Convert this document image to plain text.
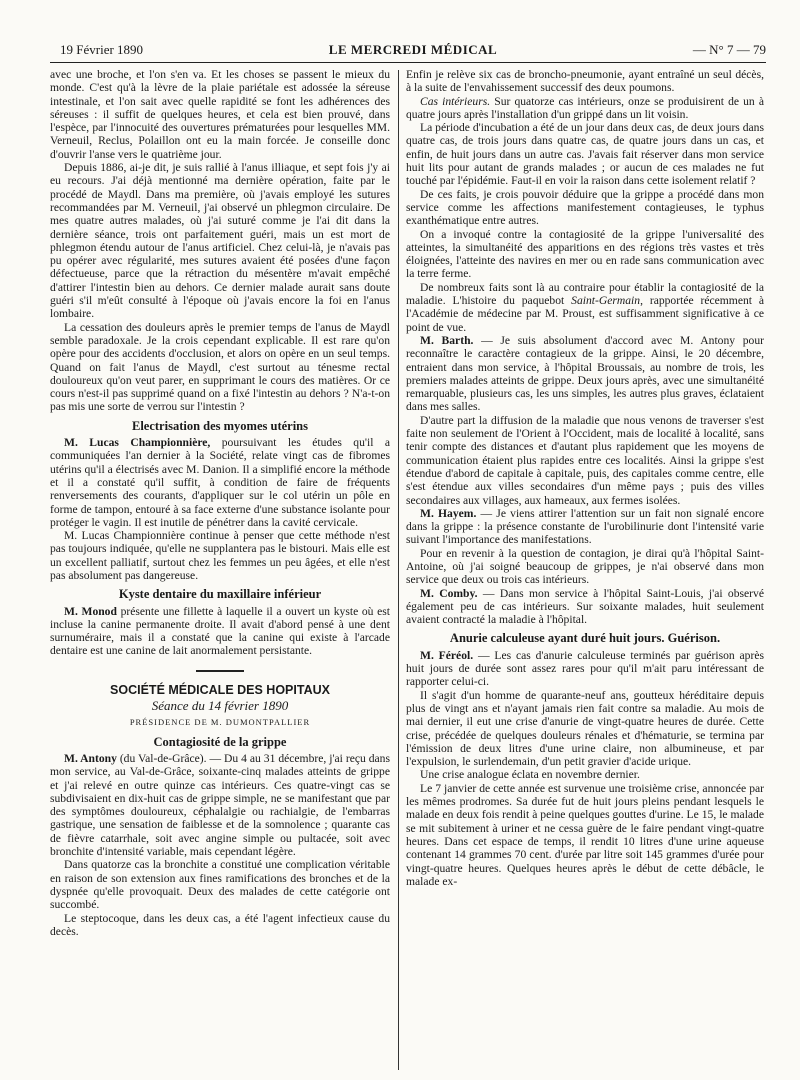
19 Février 1890	LE MERCREDI MÉDICAL	— N° 7 — 79

avec une broche, et l'on s'en va. Et les choses se passent le mieux du monde. C'est qu'à la lèvre de la plaie pariétale est adossée la séreuse intestinale, et l'on sait avec quelle rapidité se font les adhérences des séreuses : il suffit de quelques heures, et cela est bien prouvé, dans l'espèce, par l'innocuité des ouvertures prématurées pour lesquelles MM. Verneuil, Reclus, Polaillon ont eu la main forcée. Je conseille donc d'ouvrir l'anse vers le quatrième jour.

Depuis 1886, ai-je dit, je suis rallié à l'anus illiaque, et sept fois j'y ai eu recours. J'ai déjà mentionné ma dernière opération, faite par le procédé de Maydl. Dans ma première, où j'avais employé les sutures recommandées par M. Verneuil, j'ai observé un phlegmon circulaire. De mes quatre autres malades, où j'ai suturé comme je l'ai dit dans la dernière séance, trois ont parfaitement guéri, mais un est mort de phlegmon étendu autour de l'anus artificiel. Chez celui-là, je n'avais pas pu opérer avec régularité, mes sutures avaient été posées d'une façon défectueuse, parce que la rétraction du mésentère m'avait empêché d'attirer l'intestin bien au dehors. Ce dernier malade aurait sans doute guéri s'il m'eût consulté à l'époque où j'avais encore la foi en l'anus lombaire.

La cessation des douleurs après le premier temps de l'anus de Maydl semble paradoxale. Je la crois cependant explicable. Il est rare qu'on opère pour des accidents d'occlusion, et alors on opère en un seul temps. Quand on fait l'anus de Maydl, c'est surtout au ténesme rectal douloureux qu'on veut parer, en supprimant le cours des matières. Or ce cours n'est-il pas supprimé quand on a fixé l'intestin au dehors ? N'a-t-on pas mis une sorte de verrou sur l'intestin ?

Electrisation des myomes utérins

M. Lucas Championnière, poursuivant les études qu'il a communiquées l'an dernier à la Société, relate vingt cas de fibromes utérins qu'il a électrisés avec M. Danion. Il a simplifié encore la méthode et il a constaté qu'il suffit, à condition de faire de fréquents renversements des courants, d'appliquer sur le col utérin un pôle en forme de tampon, entouré à sa face externe d'une substance isolante pour protéger le vagin. Il est inutile de pénétrer dans la cavité cervicale.

M. Lucas Championnière continue à penser que cette méthode n'est pas toujours indiquée, qu'elle ne supplantera pas le bistouri. Mais elle est un excellent palliatif, surtout chez les femmes un peu âgées, et elle n'est pas absolument pas dangereuse.

Kyste dentaire du maxillaire inférieur

M. Monod présente une fillette à laquelle il a ouvert un kyste où est incluse la canine permanente droite. Il avait d'abord pensé à une dent surnuméraire, mais il a constaté que la canine qui existe à l'arcade dentaire est une canine de lait anormalement persistante.

SOCIÉTÉ MÉDICALE DES HOPITAUX
Séance du 14 février 1890
PRÉSIDENCE DE M. DUMONTPALLIER
Contagiosité de la grippe

M. Antony (du Val-de-Grâce). — Du 4 au 31 décembre, j'ai reçu dans mon service, au Val-de-Grâce, soixante-cinq malades atteints de grippe et j'ai relevé en outre quinze cas intérieurs. Ces quatre-vingt cas se subdivisaient en dix-huit cas de grippe simple, ne se manifestant que par des symptômes douloureux, céphalalgie ou rachialgie, de l'embarras gastrique, une sensation de faiblesse et de la somnolence ; quarante cas de fièvre catarrhale, soit avec angine simple ou pultacée, soit avec bronchite d'intensité variable, mais cependant légère.

Dans quatorze cas la bronchite a constitué une complication véritable en raison de son extension aux fines ramifications des bronches et de la dyspnée qu'elle provoquait. Deux des malades de cette catégorie ont succombé.

Le steptocoque, dans les deux cas, a été l'agent infectieux cause du decès.

Enfin je relève six cas de broncho-pneumonie, ayant entraîné un seul décès, à la suite de l'envahissement successif des deux poumons.

Cas intérieurs. Sur quatorze cas intérieurs, onze se produisirent de un à quatre jours après l'installation d'un grippé dans un lit voisin.

La période d'incubation a été de un jour dans deux cas, de deux jours dans quatre cas, de trois jours dans quatre cas, de quatre jours dans un cas, et enfin, de huit jours dans un autre cas. J'avais fait réserver dans mon service huit lits pour autant de grands malades ; or aucun de ces malades ne fut touché par l'épidémie. Faut-il en voir la raison dans cette isolement relatif ?

De ces faits, je crois pouvoir déduire que la grippe a procédé dans mon service comme les affections manifestement contagieuses, le typhus exanthématique entre autres.

On a invoqué contre la contagiosité de la grippe l'universalité des atteintes, la simultanéité des apparitions en des régions très vastes et très éloignées, l'atteinte des navires en mer ou en rade sans communication avec la terre ferme.

De nombreux faits sont là au contraire pour établir la contagiosité de la maladie. L'histoire du paquebot Saint-Germain, rapportée récemment à l'Académie de médecine par M. Proust, est suffisamment significative à ce point de vue.

M. Barth. — Je suis absolument d'accord avec M. Antony pour reconnaître le caractère contagieux de la grippe. Ainsi, le 20 décembre, entraient dans mon service, à l'hôpital Broussais, au nombre de trois, les premiers malades atteints de grippe. Deux jours après, avec une simultanéité remarquable, plusieurs cas, les uns simples, les autres plus graves, éclataient dans mes salles.

D'autre part la diffusion de la maladie que nous venons de traverser s'est faite non seulement de l'Orient à l'Occident, mais de localité à localité, sans tenir compte des distances et d'autant plus rapidement que les moyens de communication étaient plus rapides entre ces localités. Ainsi la grippe s'est étendue d'abord de capitale à capitale, puis, des capitales comme centre, elle s'est étendue aux villes secondaires d'un même pays ; puis des villes secondaires aux villages, aux hameaux, aux fermes isolées.

M. Hayem. — Je viens attirer l'attention sur un fait non signalé encore dans la grippe : la présence constante de l'urobilinurie dont l'intensité varie suivant l'importance des manifestations.

Pour en revenir à la question de contagion, je dirai qu'à l'hôpital Saint-Antoine, où j'ai soigné beaucoup de grippes, je n'ai observé dans mon service que deux ou trois cas intérieurs.

M. Comby. — Dans mon service à l'hôpital Saint-Louis, j'ai observé également peu de cas intérieurs. Sur soixante malades, huit seulement avaient contracté la maladie à l'hôpital.

Anurie calculeuse ayant duré huit jours. Guérison.

M. Féréol. — Les cas d'anurie calculeuse terminés par guérison après huit jours de durée sont assez rares pour qu'il m'ait paru intéressant de rapporter celui-ci.

Il s'agit d'un homme de quarante-neuf ans, goutteux héréditaire depuis plus de vingt ans et n'ayant jamais rien fait contre sa maladie. Au mois de mai dernier, il eut une crise d'anurie de vingt-quatre heures de durée. Cette crise, précédée de quelques douleurs rénales et d'hématurie, se termina par l'émission de deux litres d'une urine claire, non albumineuse, et par l'expulsion, le surlendemain, d'un petit gravier d'acide urique.

Une crise analogue éclata en novembre dernier.

Le 7 janvier de cette année est survenue une troisième crise, annoncée par les mêmes prodromes. Sa durée fut de huit jours pleins pendant lesquels le malade en deux fois rendit à peine quelques gouttes d'urine. Le 15, le malade se mit subitement à uriner et ne cessa guère de le faire pendant vingt-quatre heures. Dans cet espace de temps, il rendit 10 litres d'une urine aqueuse contenant 14 grammes 70 cent. d'urée par litre soit 145 grammes d'urée pour vingt-quatre heures. Quelques heures après le début de cette débâcle, le malade ex-
